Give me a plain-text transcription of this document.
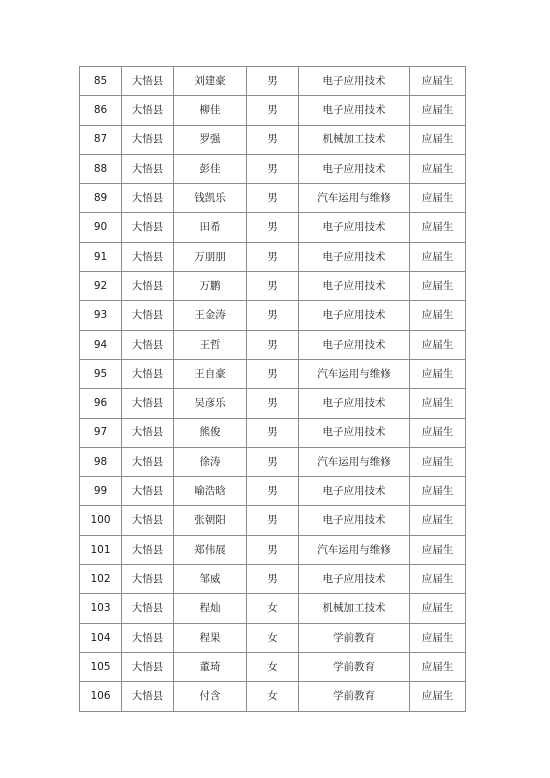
85	大悟县	刘建豪	男	电子应用技术	应届生
86	大悟县	柳佳	男	电子应用技术	应届生
87	大悟县	罗强	男	机械加工技术	应届生
88	大悟县	彭佳	男	电子应用技术	应届生
89	大悟县	钱凯乐	男	汽车运用与维修	应届生
90	大悟县	田希	男	电子应用技术	应届生
91	大悟县	万朋朋	男	电子应用技术	应届生
92	大悟县	万鹏	男	电子应用技术	应届生
93	大悟县	王金涛	男	电子应用技术	应届生
94	大悟县	王哲	男	电子应用技术	应届生
95	大悟县	王自豪	男	汽车运用与维修	应届生
96	大悟县	吴彦乐	男	电子应用技术	应届生
97	大悟县	熊俊	男	电子应用技术	应届生
98	大悟县	徐涛	男	汽车运用与维修	应届生
99	大悟县	喻浩晗	男	电子应用技术	应届生
100	大悟县	张朝阳	男	电子应用技术	应届生
101	大悟县	郑伟展	男	汽车运用与维修	应届生
102	大悟县	邹威	男	电子应用技术	应届生
103	大悟县	程灿	女	机械加工技术	应届生
104	大悟县	程果	女	学前教育	应届生
105	大悟县	董琦	女	学前教育	应届生
106	大悟县	付含	女	学前教育	应届生
